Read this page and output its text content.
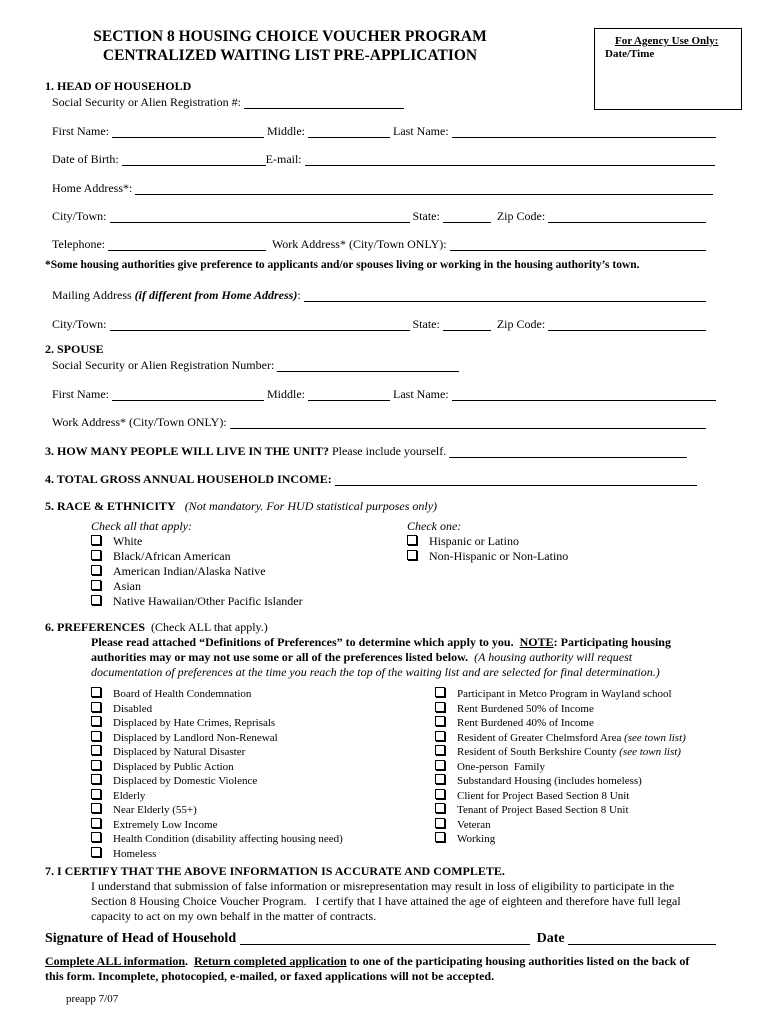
SECTION 8 HOUSING CHOICE VOUCHER PROGRAM
CENTRALIZED WAITING LIST PRE-APPLICATION
For Agency Use Only:
Date/Time
1. HEAD OF HOUSEHOLD
Social Security or Alien Registration #:
First Name:	Middle:	Last Name:
Date of Birth:	E-mail:
Home Address*:
City/Town:	State:	Zip Code:
Telephone:	Work Address* (City/Town ONLY):
*Some housing authorities give preference to applicants and/or spouses living or working in the housing authority’s town.
Mailing Address (if different from Home Address):
City/Town:	State:	Zip Code:
2. SPOUSE
Social Security or Alien Registration Number:
First Name:	Middle:	Last Name:
Work Address* (City/Town ONLY):
3. HOW MANY PEOPLE WILL LIVE IN THE UNIT? Please include yourself.
4. TOTAL GROSS ANNUAL HOUSEHOLD INCOME:
5. RACE & ETHNICITY (Not mandatory. For HUD statistical purposes only)
Check all that apply:	Check one:
White
Black/African American
American Indian/Alaska Native
Asian
Native Hawaiian/Other Pacific Islander
Hispanic or Latino
Non-Hispanic or Non-Latino
6. PREFERENCES (Check ALL that apply.)
Please read attached “Definitions of Preferences” to determine which apply to you. NOTE: Participating housing
authorities may or may not use some or all of the preferences listed below. (A housing authority will request
documentation of preferences at the time you reach the top of the waiting list and are selected for final determination.)
Board of Health Condemnation
Disabled
Displaced by Hate Crimes, Reprisals
Displaced by Landlord Non-Renewal
Displaced by Natural Disaster
Displaced by Public Action
Displaced by Domestic Violence
Elderly
Near Elderly (55+)
Extremely Low Income
Health Condition (disability affecting housing need)
Homeless
Participant in Metco Program in Wayland school
Rent Burdened 50% of Income
Rent Burdened 40% of Income
Resident of Greater Chelmsford Area (see town list)
Resident of South Berkshire County (see town list)
One-person  Family
Substandard Housing (includes homeless)
Client for Project Based Section 8 Unit
Tenant of Project Based Section 8 Unit
Veteran
Working
7. I CERTIFY THAT THE ABOVE INFORMATION IS ACCURATE AND COMPLETE.
I understand that submission of false information or misrepresentation may result in loss of eligibility to participate in the
Section 8 Housing Choice Voucher Program.   I certify that I have attained the age of eighteen and therefore have full legal
capacity to act on my own behalf in the matter of contracts.
Signature of Head of Household	Date
Complete ALL information.  Return completed application to one of the participating housing authorities listed on the back of
this form. Incomplete, photocopied, e-mailed, or faxed applications will not be accepted.
preapp 7/07
